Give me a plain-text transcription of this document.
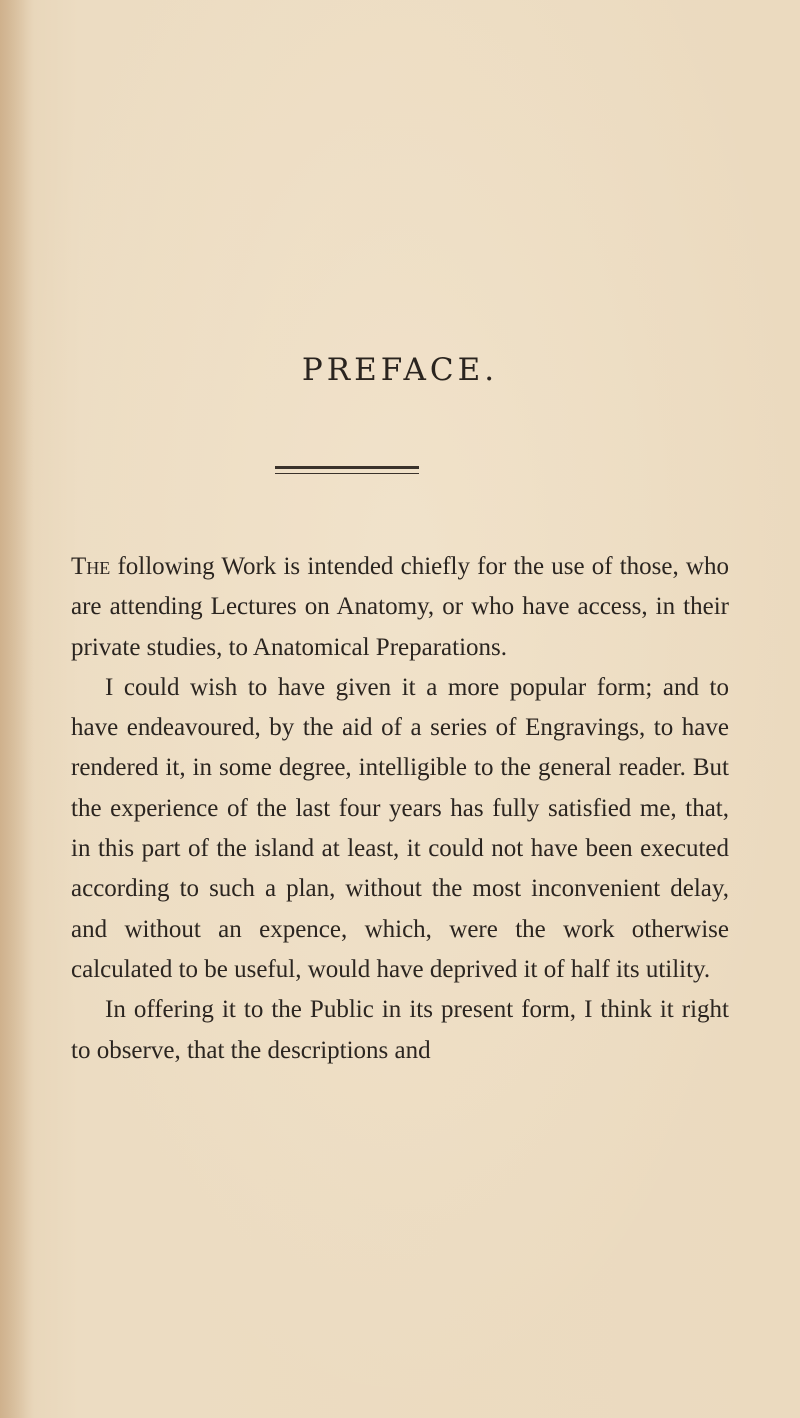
PREFACE.

The following Work is intended chiefly for the use of those, who are attending Lectures on Anatomy, or who have access, in their private studies, to Anatomical Preparations.

I could wish to have given it a more popular form; and to have endeavoured, by the aid of a series of Engravings, to have rendered it, in some degree, intelligible to the general reader. But the experience of the last four years has fully satisfied me, that, in this part of the island at least, it could not have been executed according to such a plan, without the most inconvenient delay, and without an expence, which, were the work otherwise calculated to be useful, would have deprived it of half its utility.

In offering it to the Public in its present form, I think it right to observe, that the descriptions and
